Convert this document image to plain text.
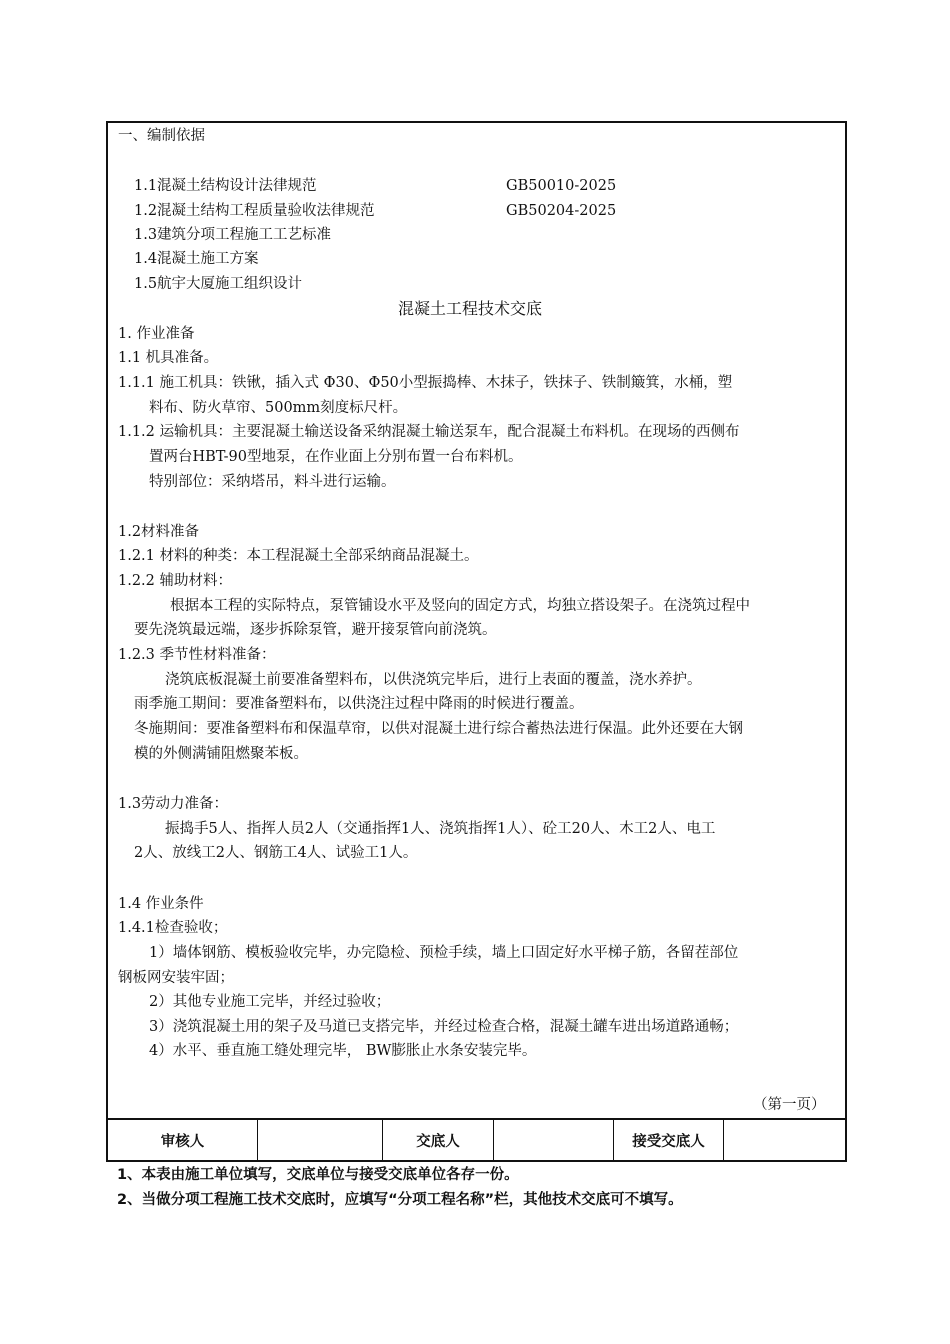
一、编制依据
1.1混凝土结构设计法律规范	GB50010-2025
1.2混凝土结构工程质量验收法律规范	GB50204-2025
1.3建筑分项工程施工工艺标准
1.4混凝土施工方案
1.5航宇大厦施工组织设计
混凝土工程技术交底
1. 作业准备
1.1 机具准备。
1.1.1 施工机具：铁锹，插入式 Φ30、Φ50小型振捣棒、木抹子，铁抹子、铁制簸箕，水桶，塑
料布、防火草帘、500mm刻度标尺杆。
1.1.2 运输机具：主要混凝土输送设备采纳混凝土输送泵车，配合混凝土布料机。在现场的西侧布
置两台HBT-90型地泵，在作业面上分别布置一台布料机。
特别部位：采纳塔吊，料斗进行运输。
1.2材料准备
1.2.1 材料的种类：本工程混凝土全部采纳商品混凝土。
1.2.2 辅助材料：
根据本工程的实际特点，泵管铺设水平及竖向的固定方式，均独立搭设架子。在浇筑过程中
要先浇筑最远端，逐步拆除泵管，避开接泵管向前浇筑。
1.2.3 季节性材料准备：
浇筑底板混凝土前要准备塑料布，以供浇筑完毕后，进行上表面的覆盖，浇水养护。
雨季施工期间：要准备塑料布，以供浇注过程中降雨的时候进行覆盖。
冬施期间：要准备塑料布和保温草帘，以供对混凝土进行综合蓄热法进行保温。此外还要在大钢
模的外侧满铺阻燃聚苯板。
1.3劳动力准备：
振捣手5人、指挥人员2人（交通指挥1人、浇筑指挥1人）、砼工20人、木工2人、电工
2人、放线工2人、钢筋工4人、试验工1人。
1.4 作业条件
1.4.1检查验收；
1）墙体钢筋、模板验收完毕，办完隐检、预检手续，墙上口固定好水平梯子筋，各留茬部位
钢板网安装牢固；
2）其他专业施工完毕，并经过验收；
3）浇筑混凝土用的架子及马道已支搭完毕，并经过检查合格，混凝土罐车进出场道路通畅；
4）水平、垂直施工缝处理完毕， BW膨胀止水条安装完毕。
（第一页）
审核人	交底人	接受交底人
1、本表由施工单位填写，交底单位与接受交底单位各存一份。
2、当做分项工程施工技术交底时，应填写“分项工程名称”栏，其他技术交底可不填写。
